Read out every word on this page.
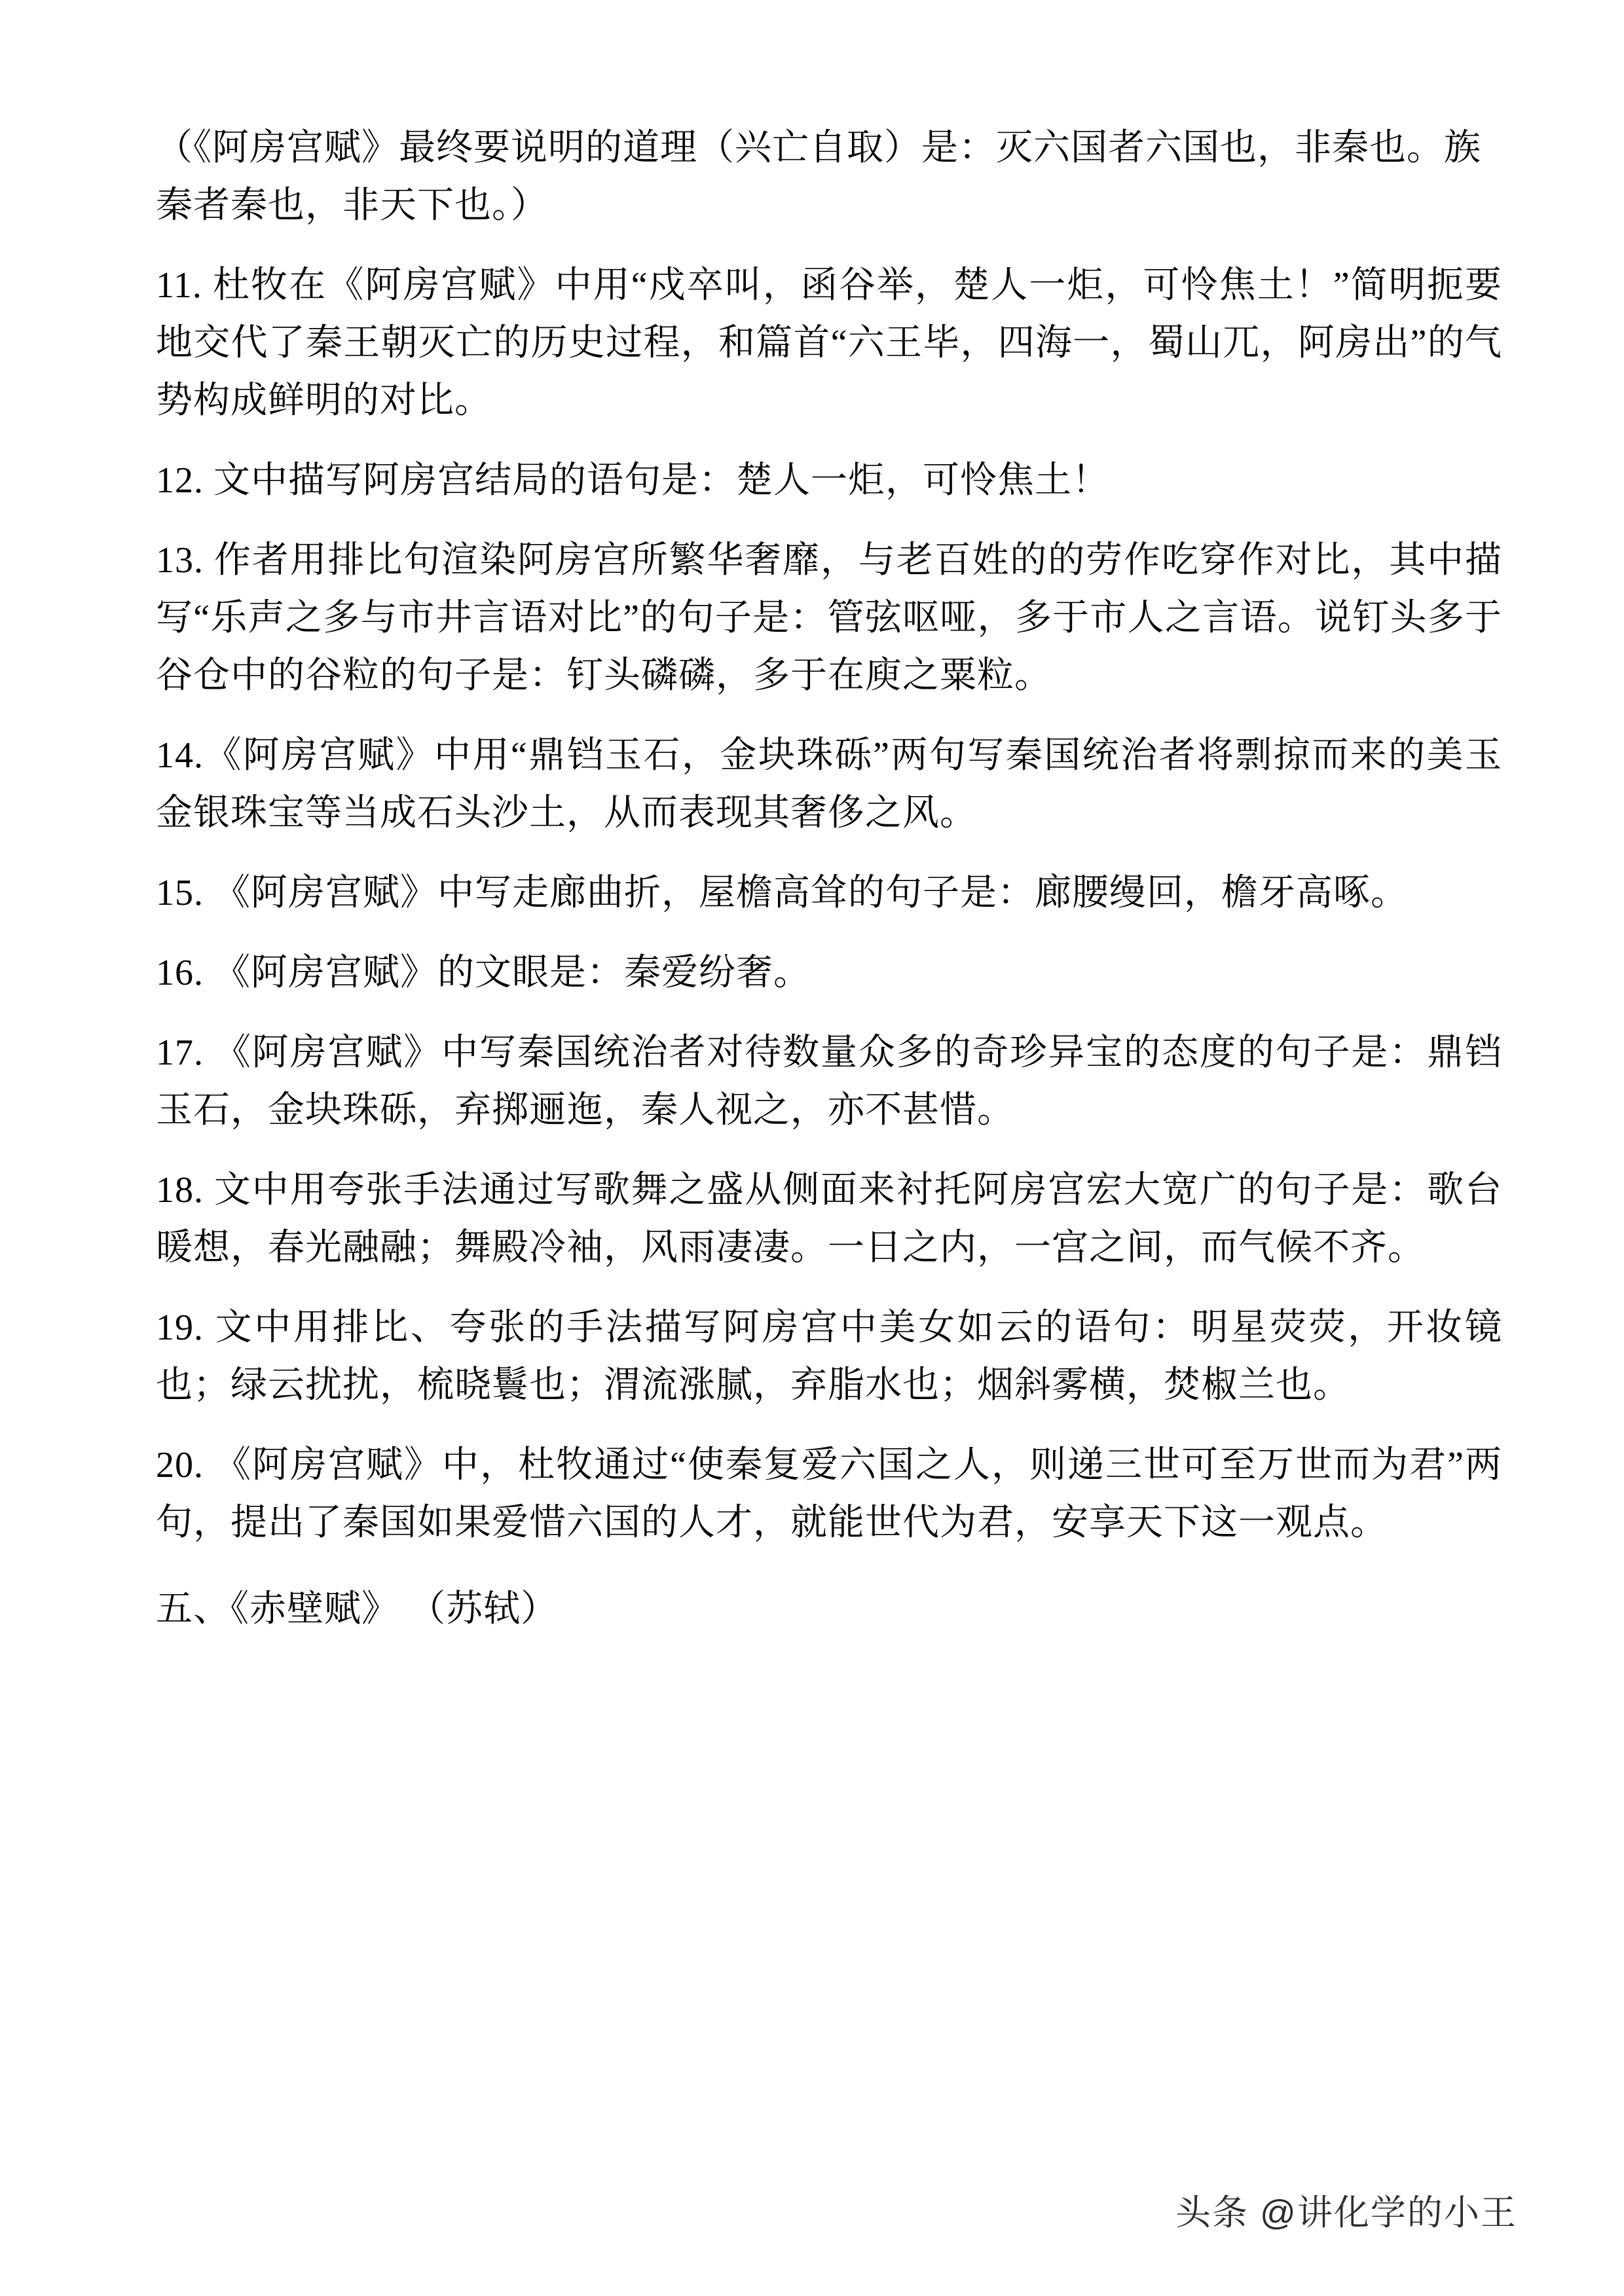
（《阿房宫赋》最终要说明的道理（兴亡自取）是：灭六国者六国也，非秦也。族秦者秦也，非天下也。）

11. 杜牧在《阿房宫赋》中用“戍卒叫，函谷举，楚人一炬，可怜焦土！”简明扼要地交代了秦王朝灭亡的历史过程，和篇首“六王毕，四海一，蜀山兀，阿房出”的气势构成鲜明的对比。

12. 文中描写阿房宫结局的语句是：楚人一炬，可怜焦土！

13. 作者用排比句渲染阿房宫所繁华奢靡，与老百姓的的劳作吃穿作对比，其中描写“乐声之多与市井言语对比”的句子是：管弦呕哑，多于市人之言语。说钉头多于谷仓中的谷粒的句子是：钉头磷磷，多于在庾之粟粒。

14.《阿房宫赋》中用“鼎铛玉石，金块珠砾”两句写秦国统治者将剽掠而来的美玉金银珠宝等当成石头沙土，从而表现其奢侈之风。

15. 《阿房宫赋》中写走廊曲折，屋檐高耸的句子是：廊腰缦回，檐牙高啄。

16. 《阿房宫赋》的文眼是：秦爱纷奢。

17. 《阿房宫赋》中写秦国统治者对待数量众多的奇珍异宝的态度的句子是：鼎铛玉石，金块珠砾，弃掷逦迤，秦人视之，亦不甚惜。

18. 文中用夸张手法通过写歌舞之盛从侧面来衬托阿房宫宏大宽广的句子是：歌台暖想，春光融融；舞殿冷袖，风雨凄凄。一日之内，一宫之间，而气候不齐。

19. 文中用排比、夸张的手法描写阿房宫中美女如云的语句：明星荧荧，开妆镜也；绿云扰扰，梳晓鬟也；渭流涨腻，弃脂水也；烟斜雾横，焚椒兰也。

20. 《阿房宫赋》中，杜牧通过“使秦复爱六国之人，则递三世可至万世而为君”两句，提出了秦国如果爱惜六国的人才，就能世代为君，安享天下这一观点。

五、《赤壁赋》 （苏轼）

头条 @讲化学的小王
